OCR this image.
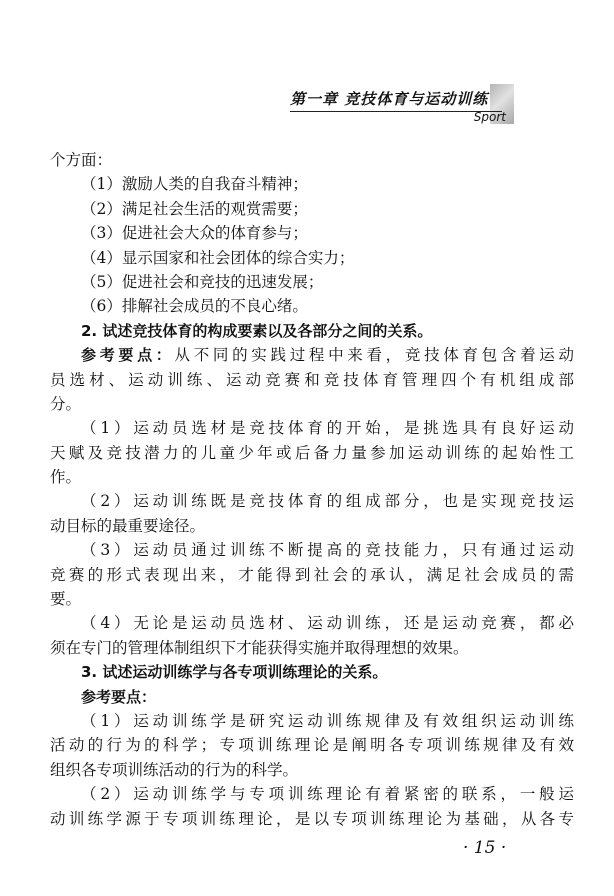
第一章 竞技体育与运动训练
Sport
个方面：
（1）激励人类的自我奋斗精神；
（2）满足社会生活的观赏需要；
（3）促进社会大众的体育参与；
（4）显示国家和社会团体的综合实力；
（5）促进社会和竞技的迅速发展；
（6）排解社会成员的不良心绪。
2. 试述竞技体育的构成要素以及各部分之间的关系。
参考要点：从不同的实践过程中来看，竞技体育包含着运动
员选材、运动训练、运动竞赛和竞技体育管理四个有机组成部
分。
（1）运动员选材是竞技体育的开始，是挑选具有良好运动
天赋及竞技潜力的儿童少年或后备力量参加运动训练的起始性工
作。
（2）运动训练既是竞技体育的组成部分，也是实现竞技运
动目标的最重要途径。
（3）运动员通过训练不断提高的竞技能力，只有通过运动
竞赛的形式表现出来，才能得到社会的承认，满足社会成员的需
要。
（4）无论是运动员选材、运动训练，还是运动竞赛，都必
须在专门的管理体制组织下才能获得实施并取得理想的效果。
3. 试述运动训练学与各专项训练理论的关系。
参考要点：
（1）运动训练学是研究运动训练规律及有效组织运动训练
活动的行为的科学；专项训练理论是阐明各专项训练规律及有效
组织各专项训练活动的行为的科学。
（2）运动训练学与专项训练理论有着紧密的联系，一般运
动训练学源于专项训练理论，是以专项训练理论为基础，从各专
· 15 ·
